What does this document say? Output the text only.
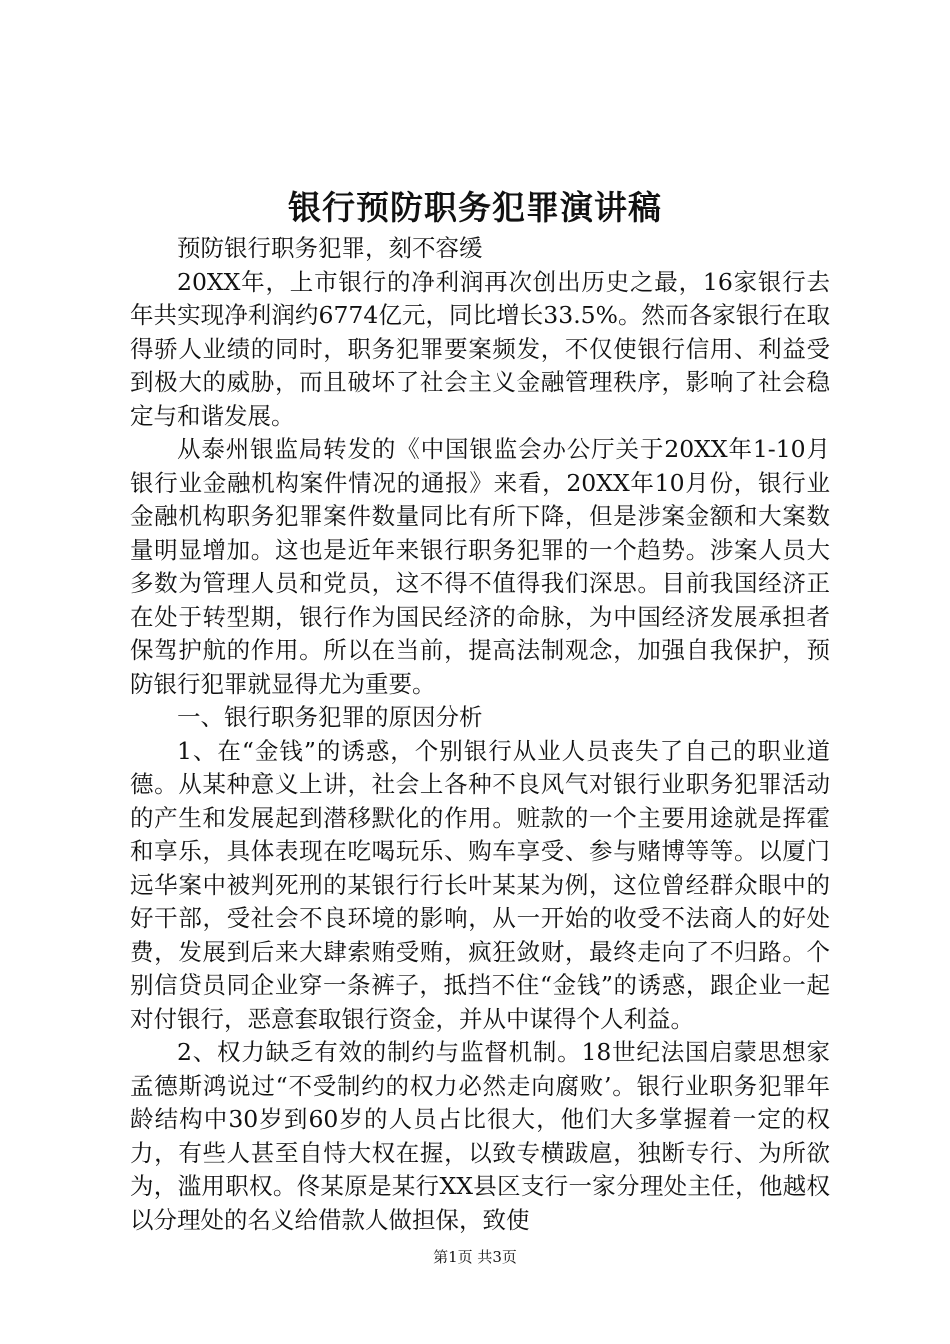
银行预防职务犯罪演讲稿

预防银行职务犯罪，刻不容缓

20XX年，上市银行的净利润再次创出历史之最，16家银行去年共实现净利润约6774亿元，同比增长33.5%。然而各家银行在取得骄人业绩的同时，职务犯罪要案频发，不仅使银行信用、利益受到极大的威胁，而且破坏了社会主义金融管理秩序，影响了社会稳定与和谐发展。

从泰州银监局转发的《中国银监会办公厅关于20XX年1-10月银行业金融机构案件情况的通报》来看，20XX年10月份，银行业金融机构职务犯罪案件数量同比有所下降，但是涉案金额和大案数量明显增加。这也是近年来银行职务犯罪的一个趋势。涉案人员大多数为管理人员和党员，这不得不值得我们深思。目前我国经济正在处于转型期，银行作为国民经济的命脉，为中国经济发展承担者保驾护航的作用。所以在当前，提高法制观念，加强自我保护，预防银行犯罪就显得尤为重要。

一、银行职务犯罪的原因分析

1、在“金钱”的诱惑，个别银行从业人员丧失了自己的职业道德。从某种意义上讲，社会上各种不良风气对银行业职务犯罪活动的产生和发展起到潜移默化的作用。赃款的一个主要用途就是挥霍和享乐，具体表现在吃喝玩乐、购车享受、参与赌博等等。以厦门远华案中被判死刑的某银行行长叶某某为例，这位曾经群众眼中的好干部，受社会不良环境的影响，从一开始的收受不法商人的好处费，发展到后来大肆索贿受贿，疯狂敛财，最终走向了不归路。个别信贷员同企业穿一条裤子，抵挡不住“金钱”的诱惑，跟企业一起对付银行，恶意套取银行资金，并从中谋得个人利益。

2、权力缺乏有效的制约与监督机制。18世纪法国启蒙思想家孟德斯鸿说过“不受制约的权力必然走向腐败’。银行业职务犯罪年龄结构中30岁到60岁的人员占比很大，他们大多掌握着一定的权力，有些人甚至自恃大权在握，以致专横跋扈，独断专行、为所欲为，滥用职权。佟某原是某行XX县区支行一家分理处主任，他越权以分理处的名义给借款人做担保，致使

第1页 共3页
